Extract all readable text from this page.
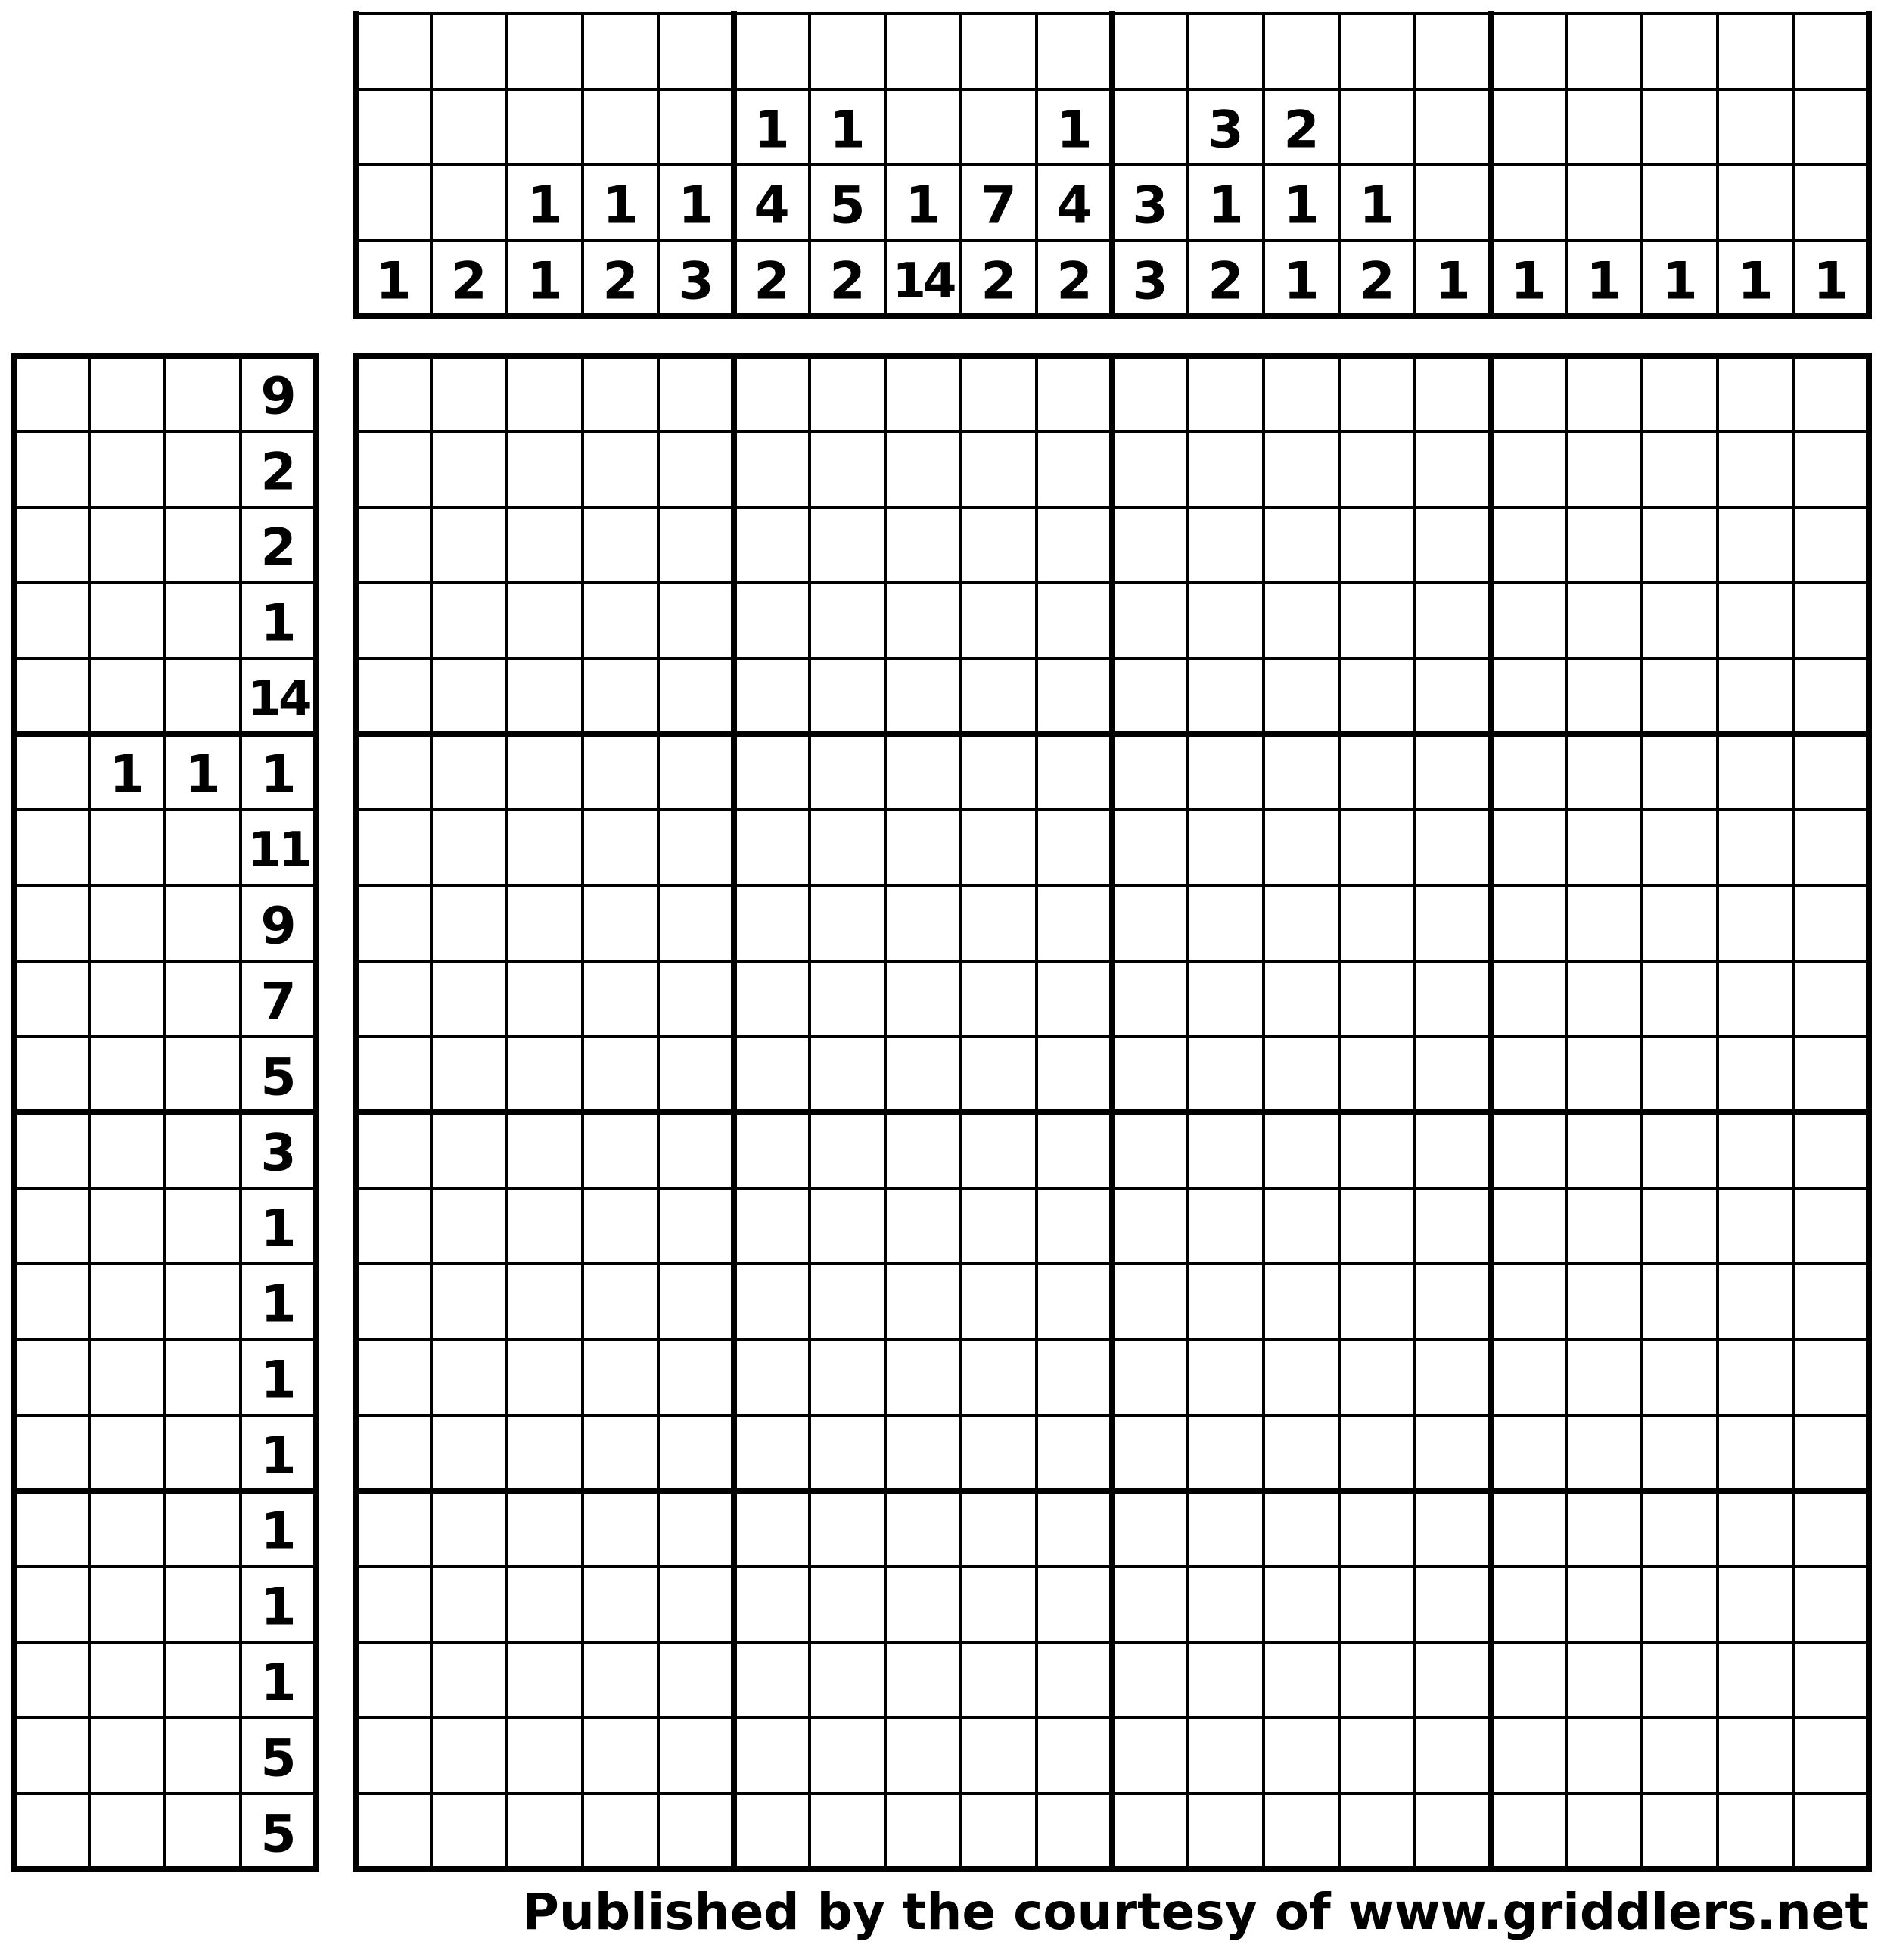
1 2
1
1
1
2
1
3
1
4
2
1
5
2
1
14
7
2
1
4
2
3
3
3
1
2
2
1
1
1
2 1 1 1 1 1 1
9
2
2
1
14
1 1 1
11
9
7
5
3
1
1
1
1
1
1
1
5
5
Published by the courtesy of www.griddlers.net
